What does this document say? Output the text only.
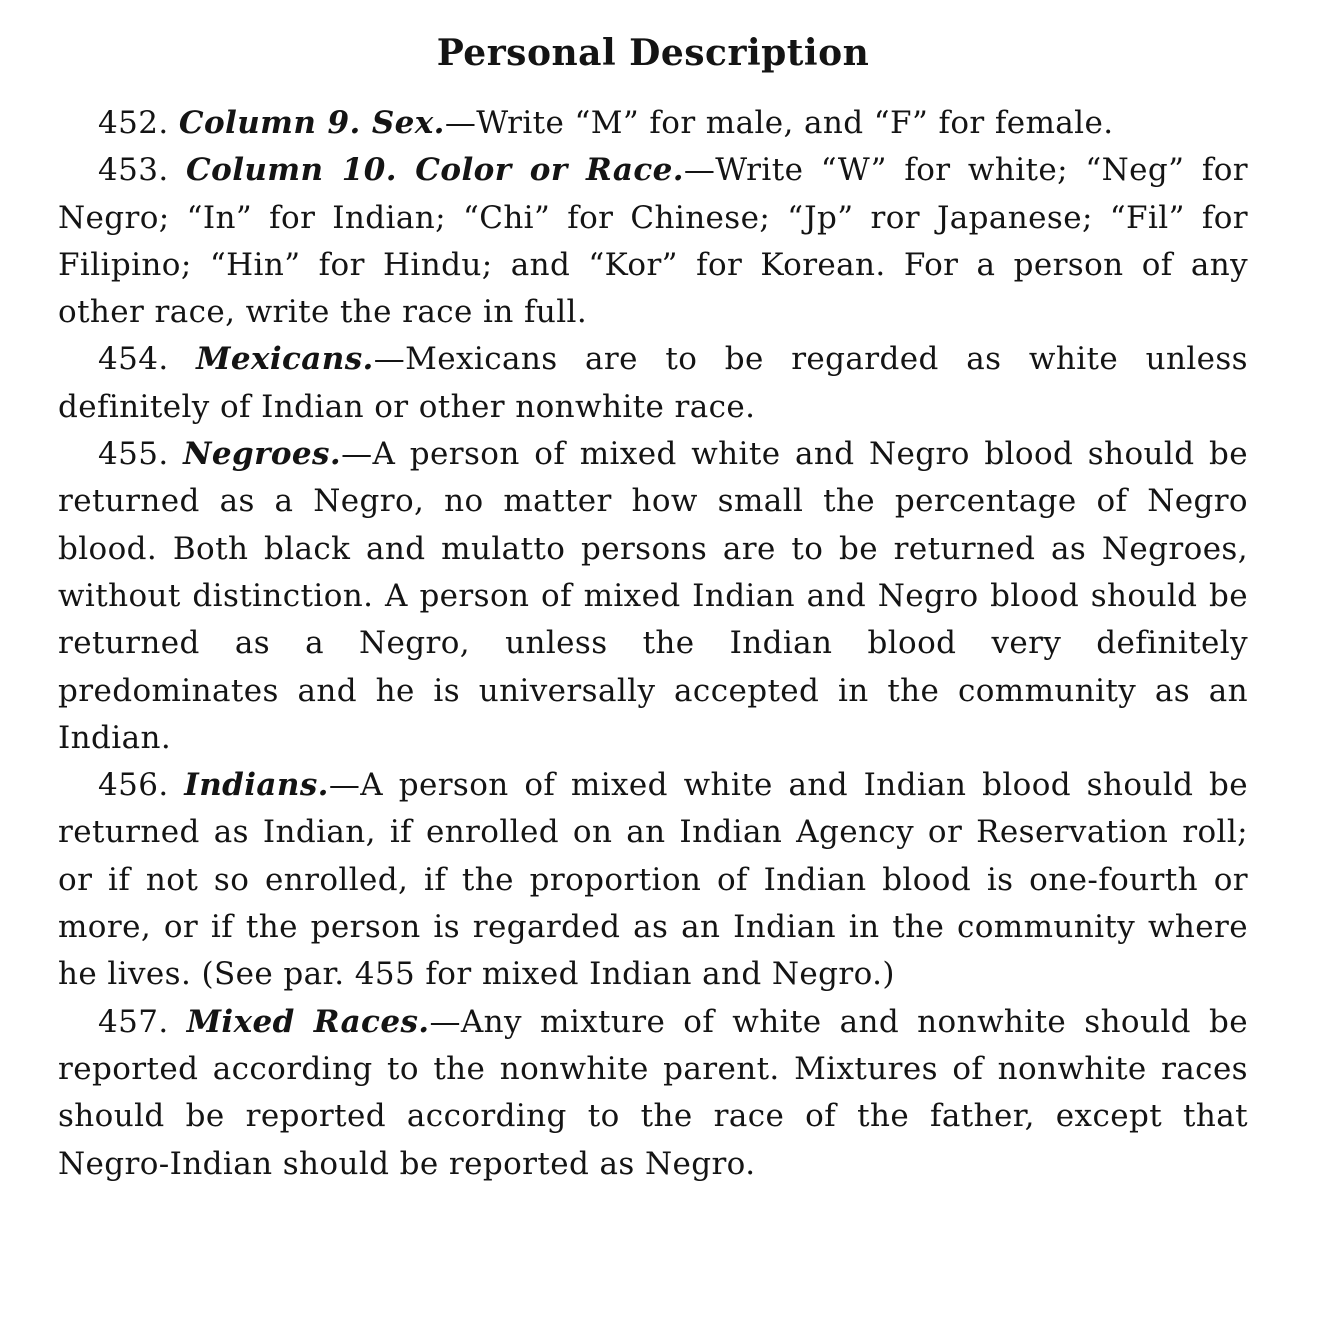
Personal Description

452. Column 9. Sex.—Write “M” for male, and “F” for female.

453. Column 10. Color or Race.—Write “W” for white; “Neg” for Negro; “In” for Indian; “Chi” for Chinese; “Jp” ror Japanese; “Fil” for Filipino; “Hin” for Hindu; and “Kor” for Korean. For a person of any other race, write the race in full.

454. Mexicans.—Mexicans are to be regarded as white unless definitely of Indian or other nonwhite race.

455. Negroes.—A person of mixed white and Negro blood should be returned as a Negro, no matter how small the percentage of Negro blood. Both black and mulatto persons are to be returned as Negroes, without distinction. A person of mixed Indian and Negro blood should be returned as a Negro, unless the Indian blood very definitely predominates and he is universally accepted in the community as an Indian.

456. Indians.—A person of mixed white and Indian blood should be returned as Indian, if enrolled on an Indian Agency or Reservation roll; or if not so enrolled, if the proportion of Indian blood is one-fourth or more, or if the person is regarded as an Indian in the community where he lives. (See par. 455 for mixed Indian and Negro.)

457. Mixed Races.—Any mixture of white and nonwhite should be reported according to the nonwhite parent. Mixtures of nonwhite races should be reported according to the race of the father, except that Negro-Indian should be reported as Negro.
